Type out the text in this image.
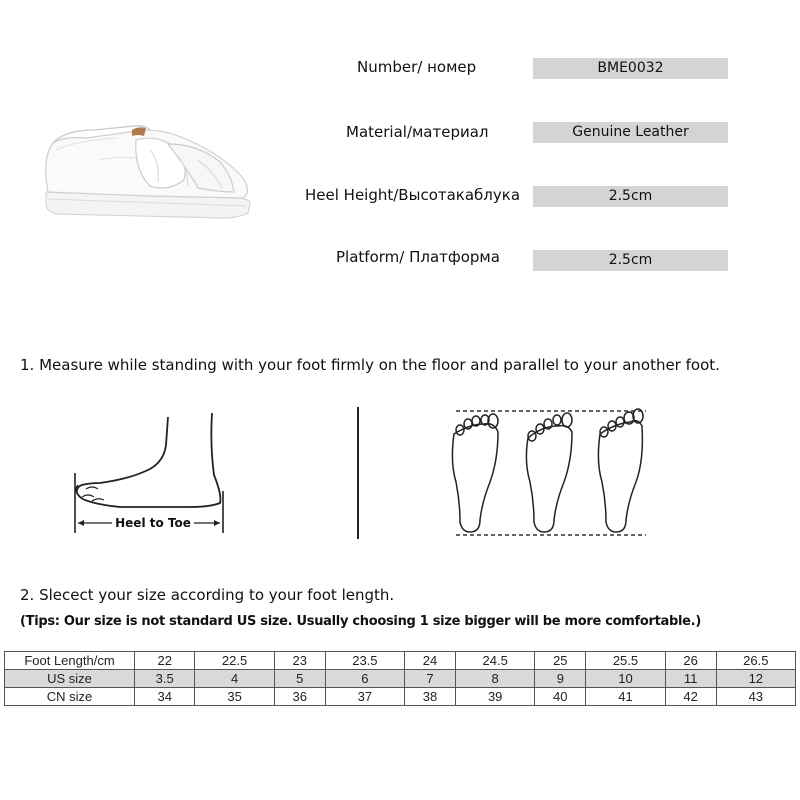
Number/ номер	BME0032
Material/материал	Genuine Leather
Heel Height/Высотакаблука	2.5cm
Platform/ Платформа	2.5cm
1. Measure while standing with your foot firmly on the floor and parallel to your another foot.
Heel to Toe
2. Slecect your size according to your foot length.
(Tips: Our size is not standard US size. Usually choosing 1 size bigger will be more comfortable.)
Foot Length/cm	22	22.5	23	23.5	24	24.5	25	25.5	26	26.5
US size	3.5	4	5	6	7	8	9	10	11	12
CN size	34	35	36	37	38	39	40	41	42	43
